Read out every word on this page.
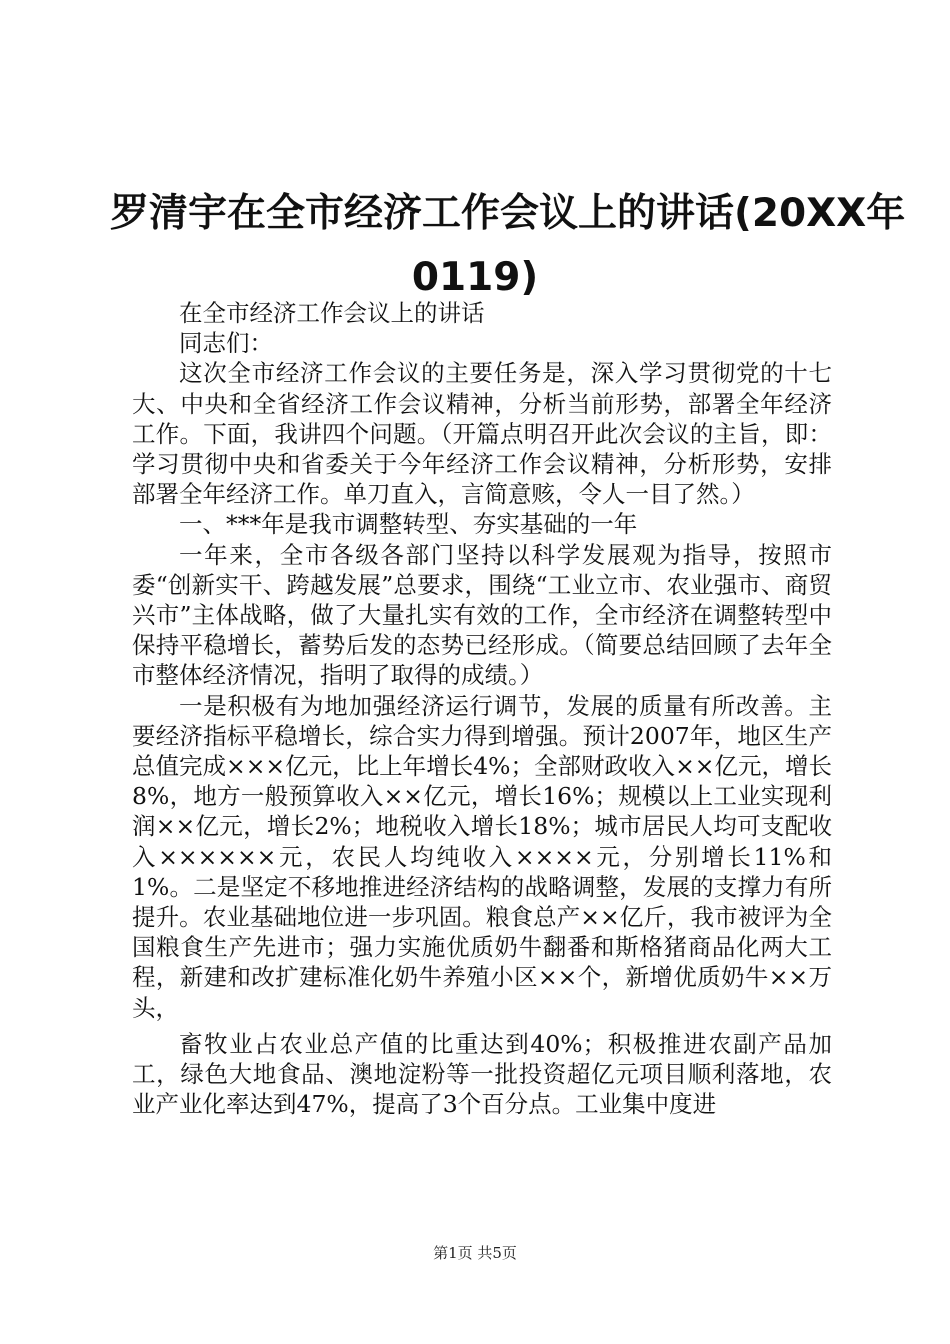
罗清宇在全市经济工作会议上的讲话(20XX年
0119)

在全市经济工作会议上的讲话

同志们：

这次全市经济工作会议的主要任务是，深入学习贯彻党的十七大、中央和全省经济工作会议精神，分析当前形势，部署全年经济工作。下面，我讲四个问题。（开篇点明召开此次会议的主旨，即：学习贯彻中央和省委关于今年经济工作会议精神，分析形势，安排部署全年经济工作。单刀直入，言简意赅，令人一目了然。）

一、***年是我市调整转型、夯实基础的一年

一年来，全市各级各部门坚持以科学发展观为指导，按照市委“创新实干、跨越发展”总要求，围绕“工业立市、农业强市、商贸兴市”主体战略，做了大量扎实有效的工作，全市经济在调整转型中保持平稳增长，蓄势后发的态势已经形成。（简要总结回顾了去年全市整体经济情况，指明了取得的成绩。）

一是积极有为地加强经济运行调节，发展的质量有所改善。主要经济指标平稳增长，综合实力得到增强。预计2007年，地区生产总值完成×××亿元，比上年增长4%；全部财政收入××亿元，增长8%，地方一般预算收入××亿元，增长16%；规模以上工业实现利润××亿元，增长2%；地税收入增长18%；城市居民人均可支配收入××××××元，农民人均纯收入××××元，分别增长11%和1%。二是坚定不移地推进经济结构的战略调整，发展的支撑力有所提升。农业基础地位进一步巩固。粮食总产××亿斤，我市被评为全国粮食生产先进市；强力实施优质奶牛翻番和斯格猪商品化两大工程，新建和改扩建标准化奶牛养殖小区××个，新增优质奶牛××万头，

畜牧业占农业总产值的比重达到40%；积极推进农副产品加工，绿色大地食品、澳地淀粉等一批投资超亿元项目顺利落地，农业产业化率达到47%，提高了3个百分点。工业集中度进

第1页 共5页
